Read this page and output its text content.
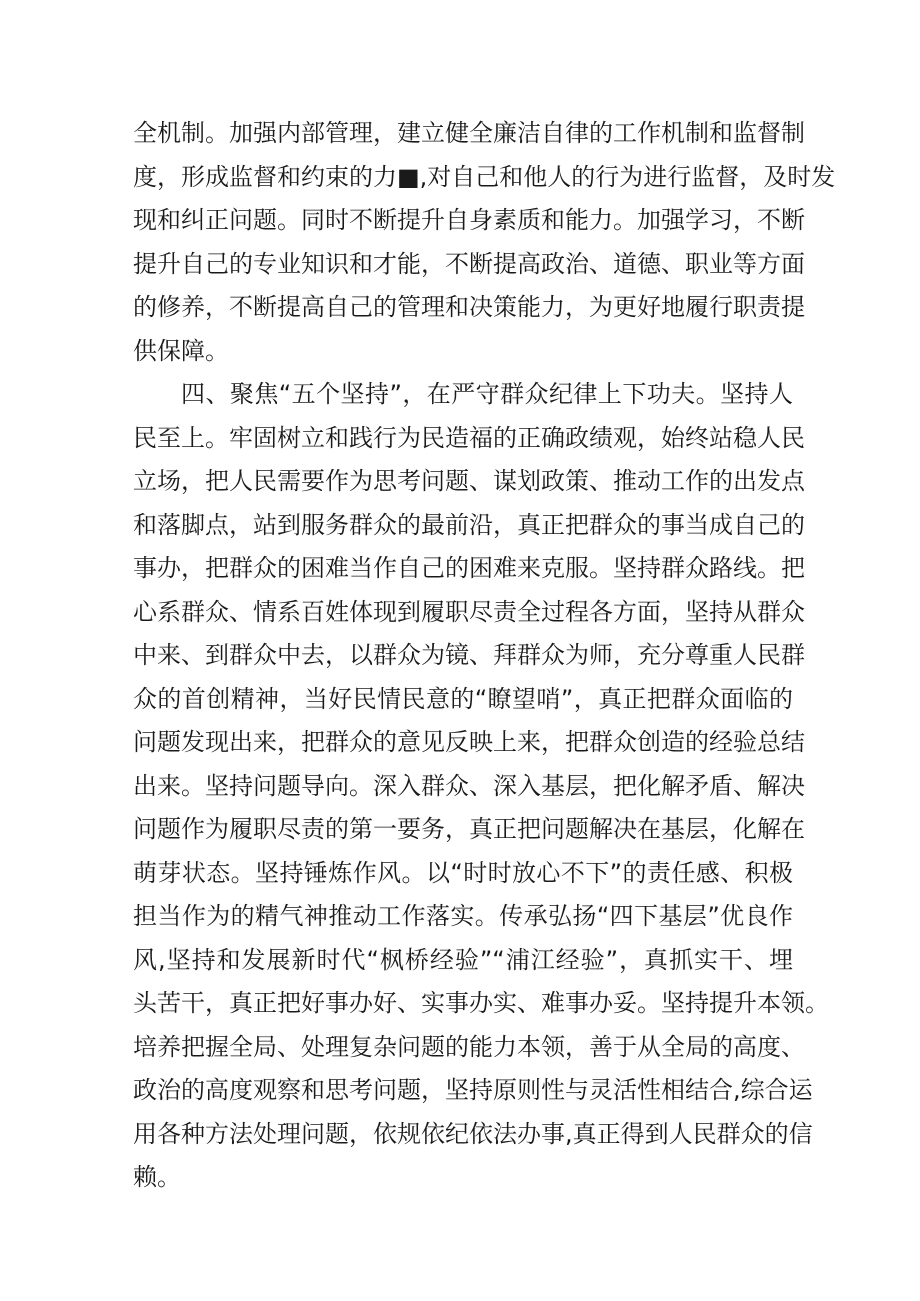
全机制。加强内部管理，建立健全廉洁自律的工作机制和监督制
度，形成监督和约束的力■,对自己和他人的行为进行监督，及时发
现和纠正问题。同时不断提升自身素质和能力。加强学习，不断
提升自己的专业知识和才能，不断提高政治、道德、职业等方面
的修养，不断提高自己的管理和决策能力，为更好地履行职责提
供保障。
四、聚焦“五个坚持”，在严守群众纪律上下功夫。坚持人
民至上。牢固树立和践行为民造福的正确政绩观，始终站稳人民
立场，把人民需要作为思考问题、谋划政策、推动工作的出发点
和落脚点，站到服务群众的最前沿，真正把群众的事当成自己的
事办，把群众的困难当作自己的困难来克服。坚持群众路线。把
心系群众、情系百姓体现到履职尽责全过程各方面，坚持从群众
中来、到群众中去，以群众为镜、拜群众为师，充分尊重人民群
众的首创精神，当好民情民意的“瞭望哨”，真正把群众面临的
问题发现出来，把群众的意见反映上来，把群众创造的经验总结
出来。坚持问题导向。深入群众、深入基层，把化解矛盾、解决
问题作为履职尽责的第一要务，真正把问题解决在基层，化解在
萌芽状态。坚持锤炼作风。以“时时放心不下”的责任感、积极
担当作为的精气神推动工作落实。传承弘扬“四下基层”优良作
风,坚持和发展新时代“枫桥经验”“浦江经验”，真抓实干、埋
头苦干，真正把好事办好、实事办实、难事办妥。坚持提升本领。
培养把握全局、处理复杂问题的能力本领，善于从全局的高度、
政治的高度观察和思考问题，坚持原则性与灵活性相结合,综合运
用各种方法处理问题，依规依纪依法办事,真正得到人民群众的信
赖。
